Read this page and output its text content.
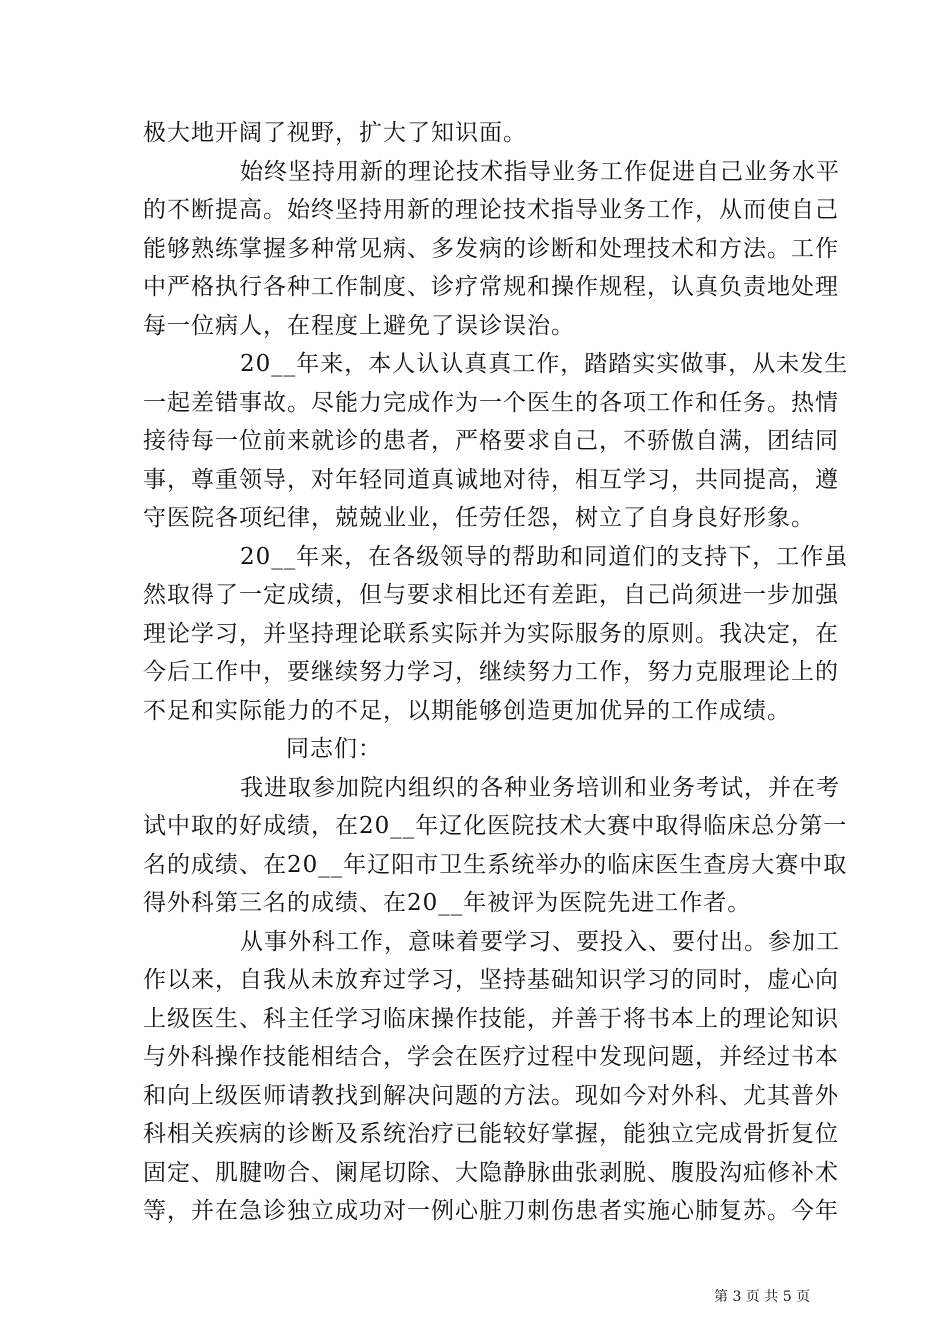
极大地开阔了视野，扩大了知识面。
始终坚持用新的理论技术指导业务工作促进自己业务水平
的不断提高。始终坚持用新的理论技术指导业务工作，从而使自己
能够熟练掌握多种常见病、多发病的诊断和处理技术和方法。工作
中严格执行各种工作制度、诊疗常规和操作规程，认真负责地处理
每一位病人，在程度上避免了误诊误治。
20__年来，本人认认真真工作，踏踏实实做事，从未发生
一起差错事故。尽能力完成作为一个医生的各项工作和任务。热情
接待每一位前来就诊的患者，严格要求自己，不骄傲自满，团结同
事，尊重领导，对年轻同道真诚地对待，相互学习，共同提高，遵
守医院各项纪律，兢兢业业，任劳任怨，树立了自身良好形象。
20__年来，在各级领导的帮助和同道们的支持下，工作虽
然取得了一定成绩，但与要求相比还有差距，自己尚须进一步加强
理论学习，并坚持理论联系实际并为实际服务的原则。我决定，在
今后工作中，要继续努力学习，继续努力工作，努力克服理论上的
不足和实际能力的不足，以期能够创造更加优异的工作成绩。
同志们：
我进取参加院内组织的各种业务培训和业务考试，并在考
试中取的好成绩，在20__年辽化医院技术大赛中取得临床总分第一
名的成绩、在20__年辽阳市卫生系统举办的临床医生查房大赛中取
得外科第三名的成绩、在20__年被评为医院先进工作者。
从事外科工作，意味着要学习、要投入、要付出。参加工
作以来，自我从未放弃过学习，坚持基础知识学习的同时，虚心向
上级医生、科主任学习临床操作技能，并善于将书本上的理论知识
与外科操作技能相结合，学会在医疗过程中发现问题，并经过书本
和向上级医师请教找到解决问题的方法。现如今对外科、尤其普外
科相关疾病的诊断及系统治疗已能较好掌握，能独立完成骨折复位
固定、肌腱吻合、阑尾切除、大隐静脉曲张剥脱、腹股沟疝修补术
等，并在急诊独立成功对一例心脏刀刺伤患者实施心肺复苏。今年
第 3 页 共 5 页
